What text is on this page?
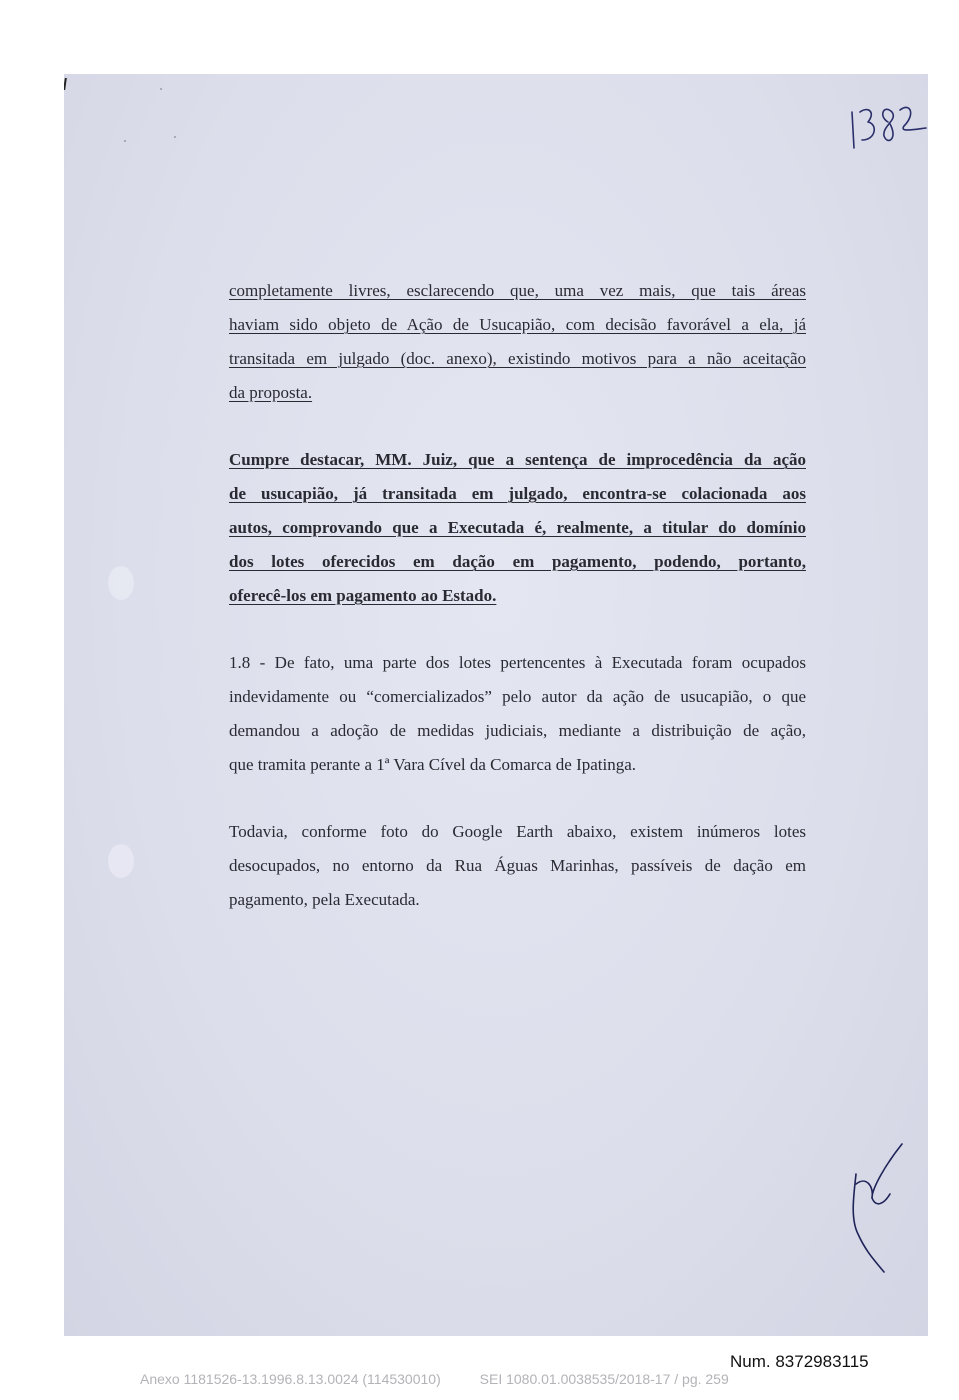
completamente livres, esclarecendo que, uma vez mais, que tais áreas
haviam sido objeto de Ação de Usucapião, com decisão favorável a ela, já
transitada em julgado (doc. anexo), existindo motivos para a não aceitação
da proposta.
Cumpre destacar, MM. Juiz, que a sentença de improcedência da ação
de usucapião, já transitada em julgado, encontra-se colacionada aos
autos, comprovando que a Executada é, realmente, a titular do domínio
dos lotes oferecidos em dação em pagamento, podendo, portanto,
oferecê-los em pagamento ao Estado.
1.8 - De fato, uma parte dos lotes pertencentes à Executada foram ocupados
indevidamente ou “comercializados” pelo autor da ação de usucapião, o que
demandou a adoção de medidas judiciais, mediante a distribuição de ação,
que tramita perante a 1ª Vara Cível da Comarca de Ipatinga.
Todavia, conforme foto do Google Earth abaixo, existem inúmeros lotes
desocupados, no entorno da Rua Águas Marinhas, passíveis de dação em
pagamento, pela Executada.
Num. 8372983115
Anexo 1181526-13.1996.8.13.0024 (114530010)	SEI 1080.01.0038535/2018-17 / pg. 259
